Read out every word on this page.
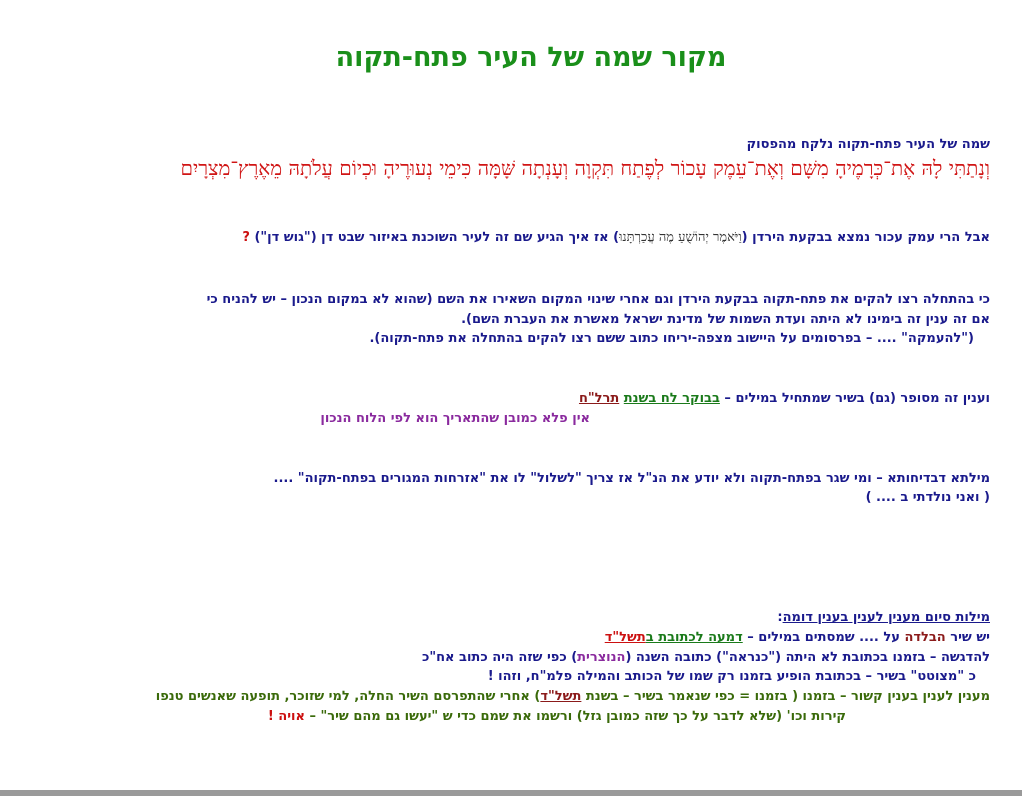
מקור שמה של העיר פתח-תקוה
שמה של העיר פתח-תקוה נלקח מהפסוק
וְנָתַתִּי לָהּ אֶת־כְּרָמֶיהָ מִשָּׁם וְאֶת־עֵמֶק עָכוֹר לְפֶתַח תִּקְוָה וְעָנְתָה שָּׁמָּה כִּימֵי נְעוּרֶיהָ וּכְיוֹם עֲלֹתָהּ מֵאֶרֶץ־מִצְרָיִם
אבל הרי עמק עכור נמצא בבקעת הירדן (וַיֹּאמֶר יְהוֹשֻׁעַ מֶה עֲכַרְתָּנוּ) אז איך הגיע שם זה לעיר השוכנת באיזור שבט דן ("גוש דן") ?
כי בהתחלה רצו להקים את פתח-תקוה בבקעת הירדן וגם אחרי שינוי המקום השאירו את השם (שהוא לא במקום הנכון – יש להניח כי
אם זה ענין זה בימינו לא היתה ועדת השמות של מדינת ישראל מאשרת את העברת השם).
("להעמקה" .... – בפרסומים על היישוב מצפה-יריחו כתוב ששם רצו להקים בהתחלה את פתח-תקוה).
וענין זה מסופר (גם) בשיר שמתחיל במילים – בבוקר לח בשנת תרל"ח
אין פלא כמובן שהתאריך הוא לפי הלוח הנכון
מילתא דבדיחותא – ומי שגר בפתח-תקוה ולא יודע את הנ"ל אז צריך "לשלול" לו את "אזרחות המגורים בפתח-תקוה" ....
( ואני נולדתי ב .... )
מילות סיום מענין לענין בענין דומה:
יש שיר הבלדה על .... שמסתים במילים – דמעה לכתובת בתשל"ד
להדגשה – בזמנו בכתובת לא היתה ("כנראה") כתובה השנה (הנוצרית) כפי שזה היה כתוב אח"כ
כ "מצוטט" בשיר – בכתובת הופיע בזמנו רק שמו של הכותב והמילה פלמ"ח, וזהו !
מענין לענין בענין קשור – בזמנו ( בזמנו = כפי שנאמר בשיר – בשנת תשל"ד) אחרי שהתפרסם השיר החלה, למי שזוכר, תופעה שאנשים טנפו
קירות וכו' (שלא לדבר על כך שזה כמובן גזל) ורשמו את שמם כדי ש "יעשו גם מהם שיר" – אויה !
